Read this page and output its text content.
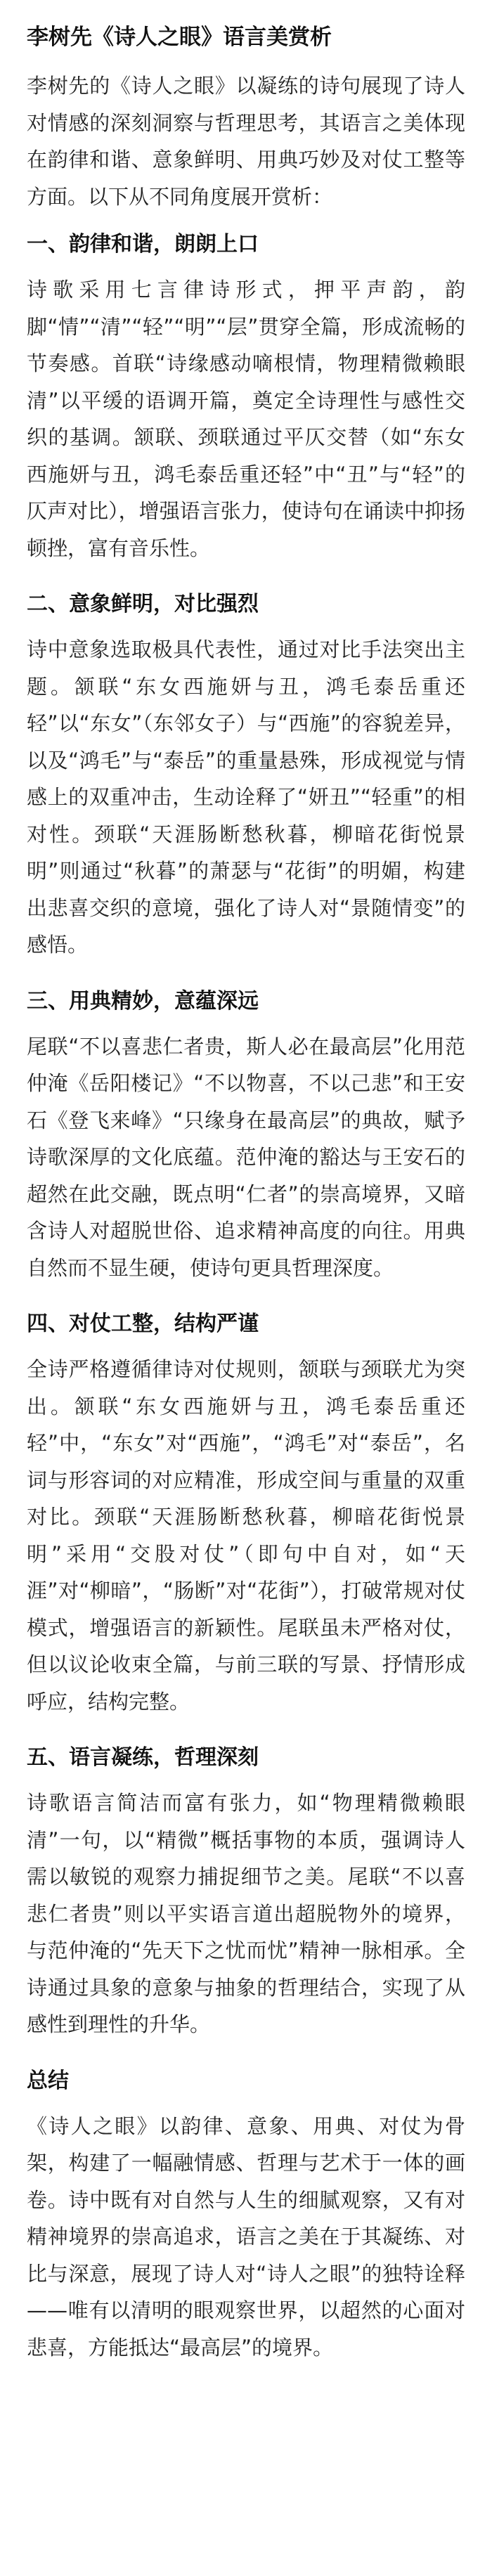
李树先《诗人之眼》语言美赏析

李树先的《诗人之眼》以凝练的诗句展现了诗人对情感的深刻洞察与哲理思考，其语言之美体现在韵律和谐、意象鲜明、用典巧妙及对仗工整等方面。以下从不同角度展开赏析：

一、韵律和谐，朗朗上口

诗歌采用七言律诗形式，押平声韵，韵脚“情”“清”“轻”“明”“层”贯穿全篇，形成流畅的节奏感。首联“诗缘感动嘀根情，物理精微赖眼清”以平缓的语调开篇，奠定全诗理性与感性交织的基调。颔联、颈联通过平仄交替（如“东女西施妍与丑，鸿毛泰岳重还轻”中“丑”与“轻”的仄声对比），增强语言张力，使诗句在诵读中抑扬顿挫，富有音乐性。

二、意象鲜明，对比强烈

诗中意象选取极具代表性，通过对比手法突出主题。颔联“东女西施妍与丑，鸿毛泰岳重还轻”以“东女”（东邻女子）与“西施”的容貌差异，以及“鸿毛”与“泰岳”的重量悬殊，形成视觉与情感上的双重冲击，生动诠释了“妍丑”“轻重”的相对性。颈联“天涯肠断愁秋暮，柳暗花街悦景明”则通过“秋暮”的萧瑟与“花街”的明媚，构建出悲喜交织的意境，强化了诗人对“景随情变”的感悟。

三、用典精妙，意蕴深远

尾联“不以喜悲仁者贵，斯人必在最高层”化用范仲淹《岳阳楼记》“不以物喜，不以己悲”和王安石《登飞来峰》“只缘身在最高层”的典故，赋予诗歌深厚的文化底蕴。范仲淹的豁达与王安石的超然在此交融，既点明“仁者”的崇高境界，又暗含诗人对超脱世俗、追求精神高度的向往。用典自然而不显生硬，使诗句更具哲理深度。

四、对仗工整，结构严谨

全诗严格遵循律诗对仗规则，颔联与颈联尤为突出。颔联“东女西施妍与丑，鸿毛泰岳重还轻”中，“东女”对“西施”，“鸿毛”对“泰岳”，名词与形容词的对应精准，形成空间与重量的双重对比。颈联“天涯肠断愁秋暮，柳暗花街悦景明”采用“交股对仗”（即句中自对，如“天涯”对“柳暗”，“肠断”对“花街”），打破常规对仗模式，增强语言的新颖性。尾联虽未严格对仗，但以议论收束全篇，与前三联的写景、抒情形成呼应，结构完整。

五、语言凝练，哲理深刻

诗歌语言简洁而富有张力，如“物理精微赖眼清”一句，以“精微”概括事物的本质，强调诗人需以敏锐的观察力捕捉细节之美。尾联“不以喜悲仁者贵”则以平实语言道出超脱物外的境界，与范仲淹的“先天下之忧而忧”精神一脉相承。全诗通过具象的意象与抽象的哲理结合，实现了从感性到理性的升华。

总结

《诗人之眼》以韵律、意象、用典、对仗为骨架，构建了一幅融情感、哲理与艺术于一体的画卷。诗中既有对自然与人生的细腻观察，又有对精神境界的崇高追求，语言之美在于其凝练、对比与深意，展现了诗人对“诗人之眼”的独特诠释——唯有以清明的眼观察世界，以超然的心面对悲喜，方能抵达“最高层”的境界。
